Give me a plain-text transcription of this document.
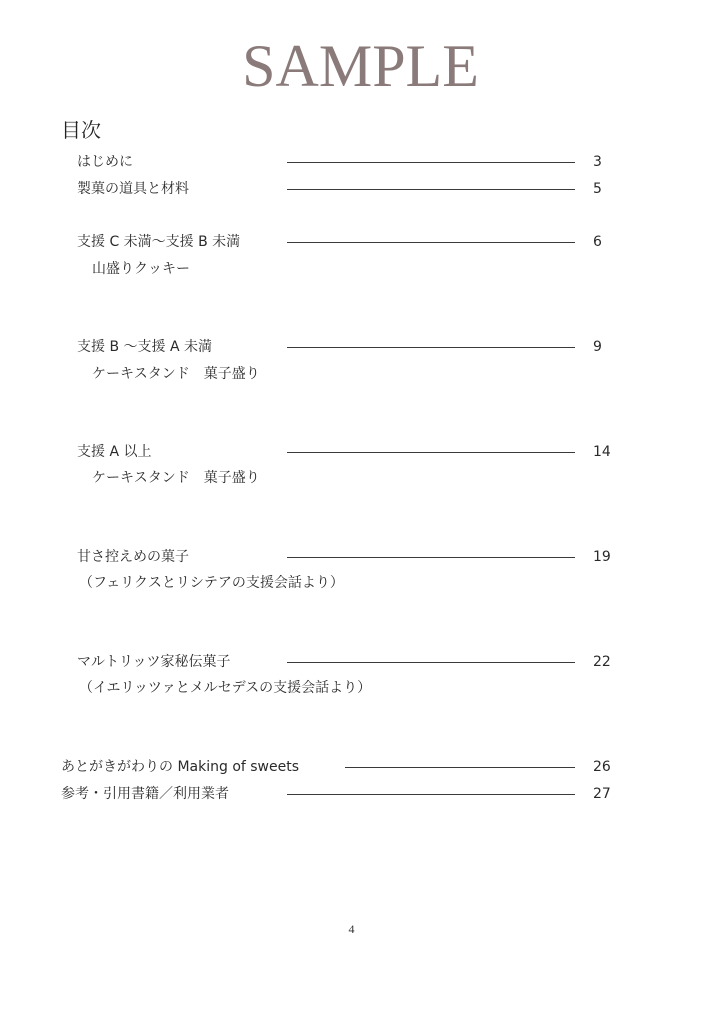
SAMPLE
目次
はじめに	3
製菓の道具と材料	5
支援 C 未満〜支援 B 未満	6
山盛りクッキー
支援 B 〜支援 A 未満	9
ケーキスタンド　菓子盛り
支援 A 以上	14
ケーキスタンド　菓子盛り
甘さ控えめの菓子	19
（フェリクスとリシテアの支援会話より）
マルトリッツ家秘伝菓子	22
（イエリッツァとメルセデスの支援会話より）
あとがきがわりの Making of sweets	26
参考・引用書籍／利用業者	27
4
